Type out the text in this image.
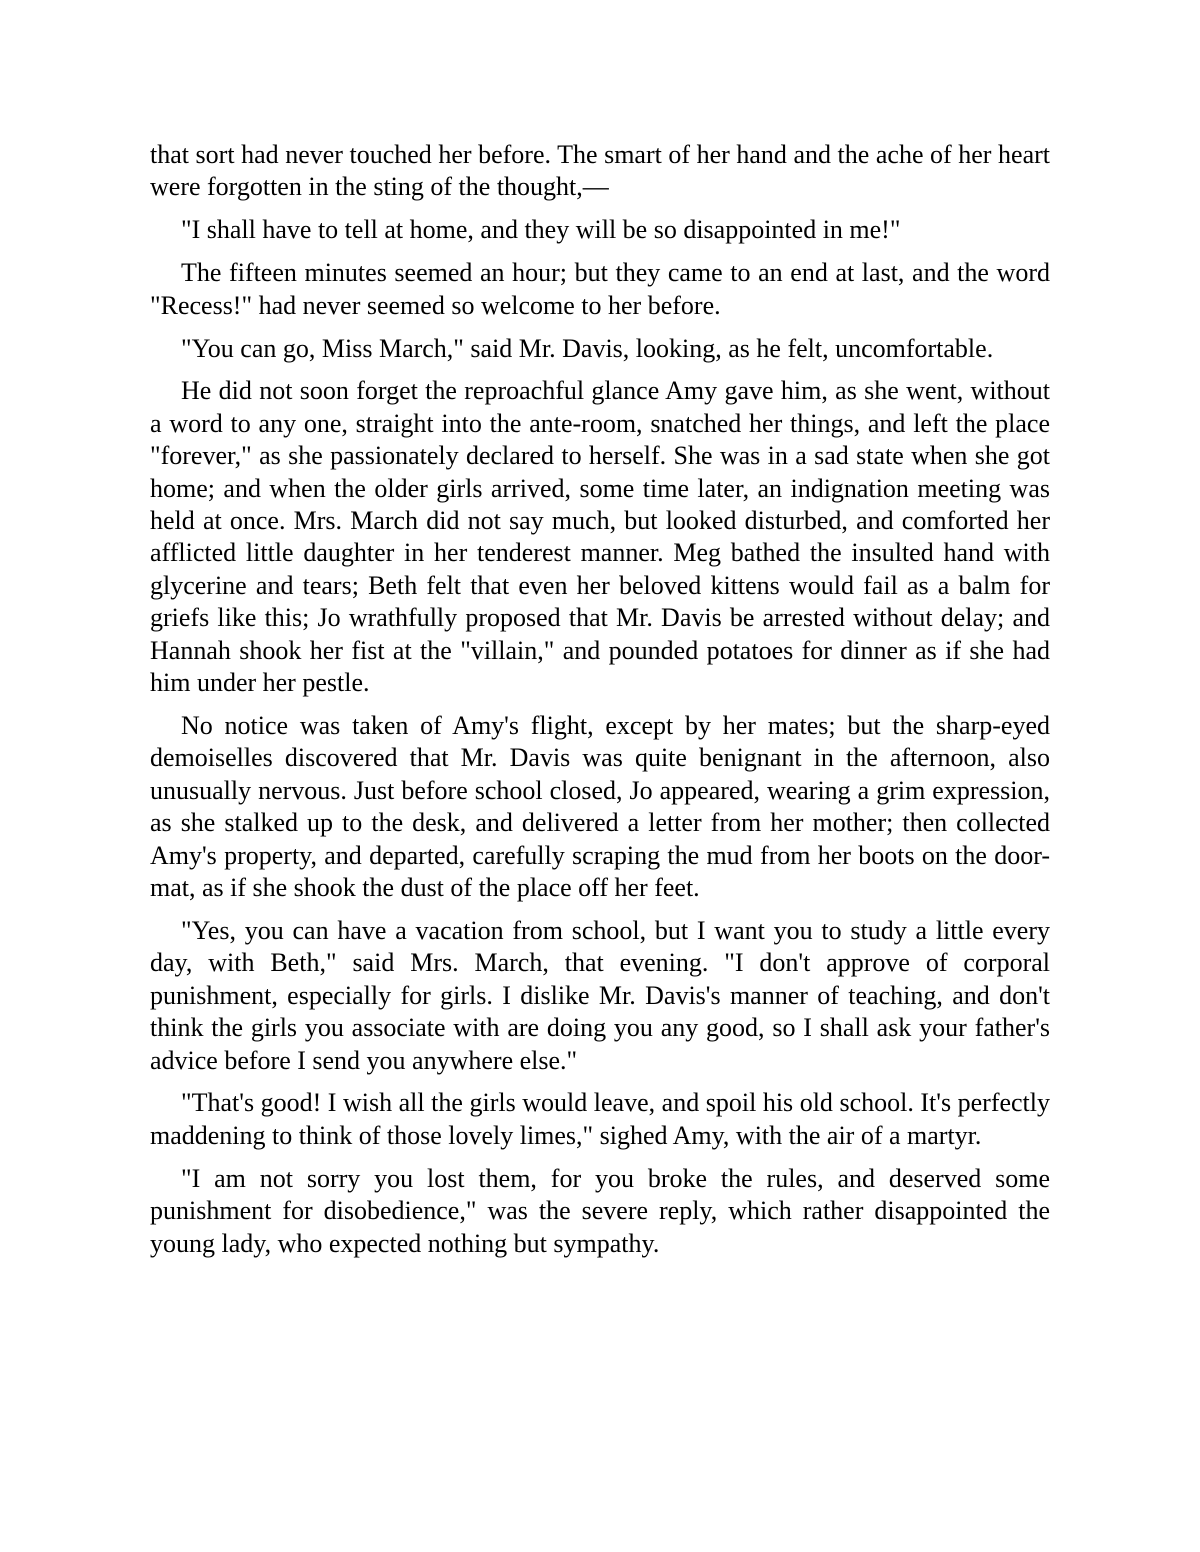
that sort had never touched her before. The smart of her hand and the ache of her heart were forgotten in the sting of the thought,—

"I shall have to tell at home, and they will be so disappointed in me!"

The fifteen minutes seemed an hour; but they came to an end at last, and the word "Recess!" had never seemed so welcome to her before.

"You can go, Miss March," said Mr. Davis, looking, as he felt, uncomfortable.

He did not soon forget the reproachful glance Amy gave him, as she went, without a word to any one, straight into the ante-room, snatched her things, and left the place "forever," as she passionately declared to herself. She was in a sad state when she got home; and when the older girls arrived, some time later, an indignation meeting was held at once. Mrs. March did not say much, but looked disturbed, and comforted her afflicted little daughter in her tenderest manner. Meg bathed the insulted hand with glycerine and tears; Beth felt that even her beloved kittens would fail as a balm for griefs like this; Jo wrathfully proposed that Mr. Davis be arrested without delay; and Hannah shook her fist at the "villain," and pounded potatoes for dinner as if she had him under her pestle.

No notice was taken of Amy's flight, except by her mates; but the sharp-eyed demoiselles discovered that Mr. Davis was quite benignant in the afternoon, also unusually nervous. Just before school closed, Jo appeared, wearing a grim expression, as she stalked up to the desk, and delivered a letter from her mother; then collected Amy's property, and departed, carefully scraping the mud from her boots on the door-mat, as if she shook the dust of the place off her feet.

"Yes, you can have a vacation from school, but I want you to study a little every day, with Beth," said Mrs. March, that evening. "I don't approve of corporal punishment, especially for girls. I dislike Mr. Davis's manner of teaching, and don't think the girls you associate with are doing you any good, so I shall ask your father's advice before I send you anywhere else."

"That's good! I wish all the girls would leave, and spoil his old school. It's perfectly maddening to think of those lovely limes," sighed Amy, with the air of a martyr.

"I am not sorry you lost them, for you broke the rules, and deserved some punishment for disobedience," was the severe reply, which rather disappointed the young lady, who expected nothing but sympathy.
